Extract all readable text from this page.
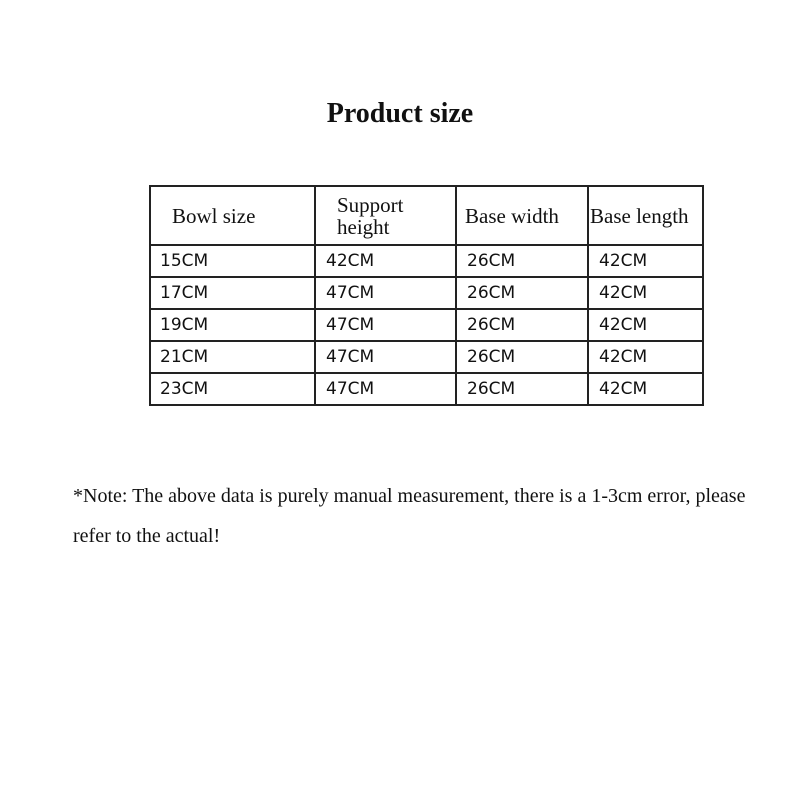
Product size
Bowl size	Support height	Base width	Base length
15CM	42CM	26CM	42CM
17CM	47CM	26CM	42CM
19CM	47CM	26CM	42CM
21CM	47CM	26CM	42CM
23CM	47CM	26CM	42CM

*Note: The above data is purely manual measurement, there is a 1-3cm error, please refer to the actual!
